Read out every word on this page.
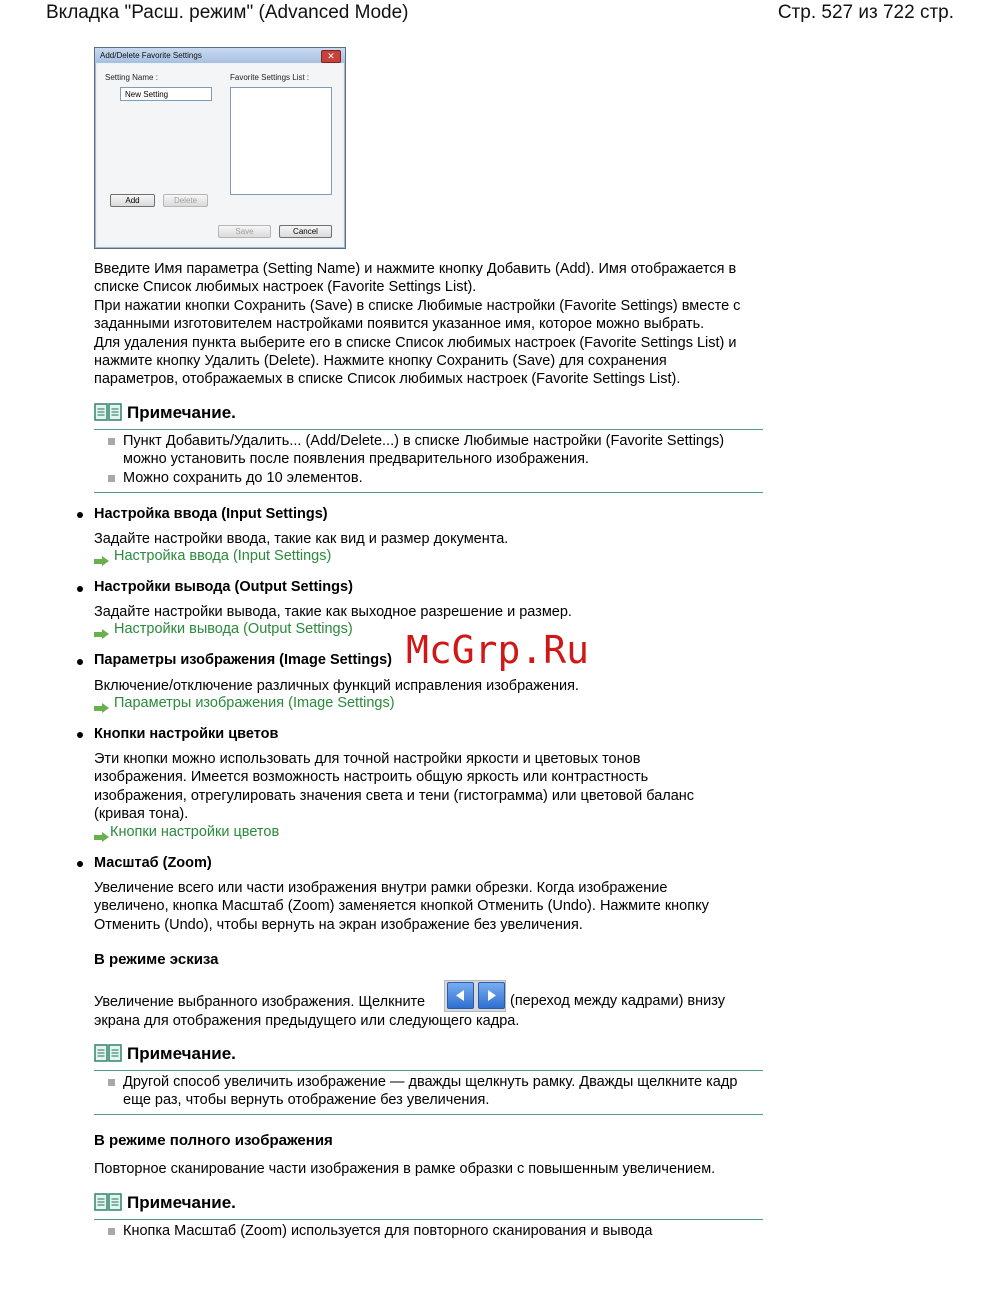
Вкладка "Расш. режим" (Advanced Mode)	Стр. 527 из 722 стр.
Add/Delete Favorite Settings	✕
Setting Name :	Favorite Settings List :
New Setting
Add	Delete
Save	Cancel
Введите Имя параметра (Setting Name) и нажмите кнопку Добавить (Add). Имя отображается в
списке Список любимых настроек (Favorite Settings List).
При нажатии кнопки Сохранить (Save) в списке Любимые настройки (Favorite Settings) вместе с
заданными изготовителем настройками появится указанное имя, которое можно выбрать.
Для удаления пункта выберите его в списке Список любимых настроек (Favorite Settings List) и
нажмите кнопку Удалить (Delete). Нажмите кнопку Сохранить (Save) для сохранения
параметров, отображаемых в списке Список любимых настроек (Favorite Settings List).
Примечание.
Пункт Добавить/Удалить... (Add/Delete...) в списке Любимые настройки (Favorite Settings)
можно установить после появления предварительного изображения.
Можно сохранить до 10 элементов.
Настройка ввода (Input Settings)
Задайте настройки ввода, такие как вид и размер документа.
Настройка ввода (Input Settings)
Настройки вывода (Output Settings)
Задайте настройки вывода, такие как выходное разрешение и размер.
Настройки вывода (Output Settings) McGrp.Ru
Параметры изображения (Image Settings)
Включение/отключение различных функций исправления изображения.
Параметры изображения (Image Settings)
Кнопки настройки цветов
Эти кнопки можно использовать для точной настройки яркости и цветовых тонов
изображения. Имеется возможность настроить общую яркость или контрастность
изображения, отрегулировать значения света и тени (гистограмма) или цветовой баланс
(кривая тона).
Кнопки настройки цветов
Масштаб (Zoom)
Увеличение всего или части изображения внутри рамки обрезки. Когда изображение
увеличено, кнопка Масштаб (Zoom) заменяется кнопкой Отменить (Undo). Нажмите кнопку
Отменить (Undo), чтобы вернуть на экран изображение без увеличения.
В режиме эскиза
Увеличение выбранного изображения. Щелкните	(переход между кадрами) внизу
экрана для отображения предыдущего или следующего кадра.
Примечание.
Другой способ увеличить изображение — дважды щелкнуть рамку. Дважды щелкните кадр
еще раз, чтобы вернуть отображение без увеличения.
В режиме полного изображения
Повторное сканирование части изображения в рамке образки с повышенным увеличением.
Примечание.
Кнопка Масштаб (Zoom) используется для повторного сканирования и вывода
